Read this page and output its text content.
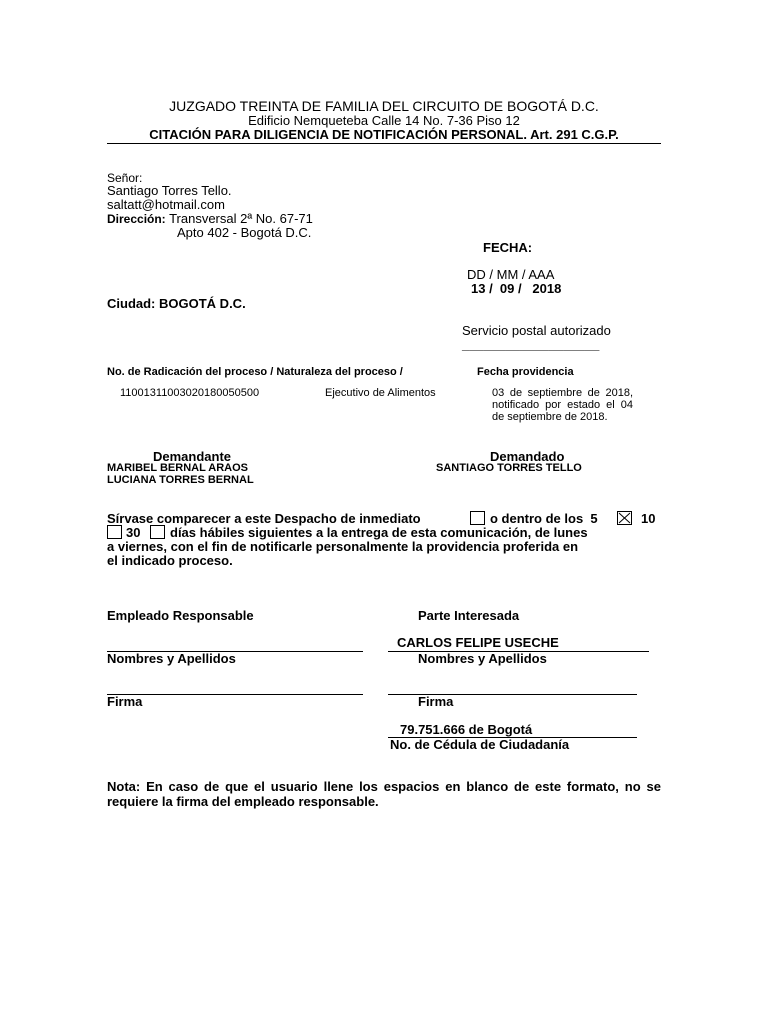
JUZGADO TREINTA DE FAMILIA DEL CIRCUITO DE BOGOTÁ D.C.
Edificio Nemqueteba Calle 14 No. 7-36 Piso 12
CITACIÓN PARA DILIGENCIA DE NOTIFICACIÓN PERSONAL. Art. 291 C.G.P.
Señor:
Santiago Torres Tello.
saltatt@hotmail.com
Dirección: Transversal 2ª No. 67-71
Apto 402 - Bogotá D.C.
FECHA:
DD / MM / AAA
13 /  09 /   2018
Ciudad: BOGOTÁ D.C.
Servicio postal autorizado
___________________
No. de Radicación del proceso / Naturaleza del proceso /	Fecha providencia
11001311003020180050500	Ejecutivo de Alimentos	03 de septiembre de 2018, notificado por estado el 04 de septiembre de 2018.
Demandante
MARIBEL BERNAL ARAOS
LUCIANA TORRES BERNAL
Demandado
SANTIAGO TORRES TELLO
Sírvase comparecer a este Despacho de inmediato	o dentro de los  5	10
30 días hábiles siguientes a la entrega de esta comunicación, de lunes
a viernes, con el fin de notificarle personalmente la providencia proferida en
el indicado proceso.
Empleado Responsable	Parte Interesada
CARLOS FELIPE USECHE
Nombres y Apellidos	Nombres y Apellidos
Firma	Firma
79.751.666 de Bogotá
No. de Cédula de Ciudadanía
Nota: En caso de que el usuario llene los espacios en blanco de este formato, no se requiere la firma del empleado responsable.
